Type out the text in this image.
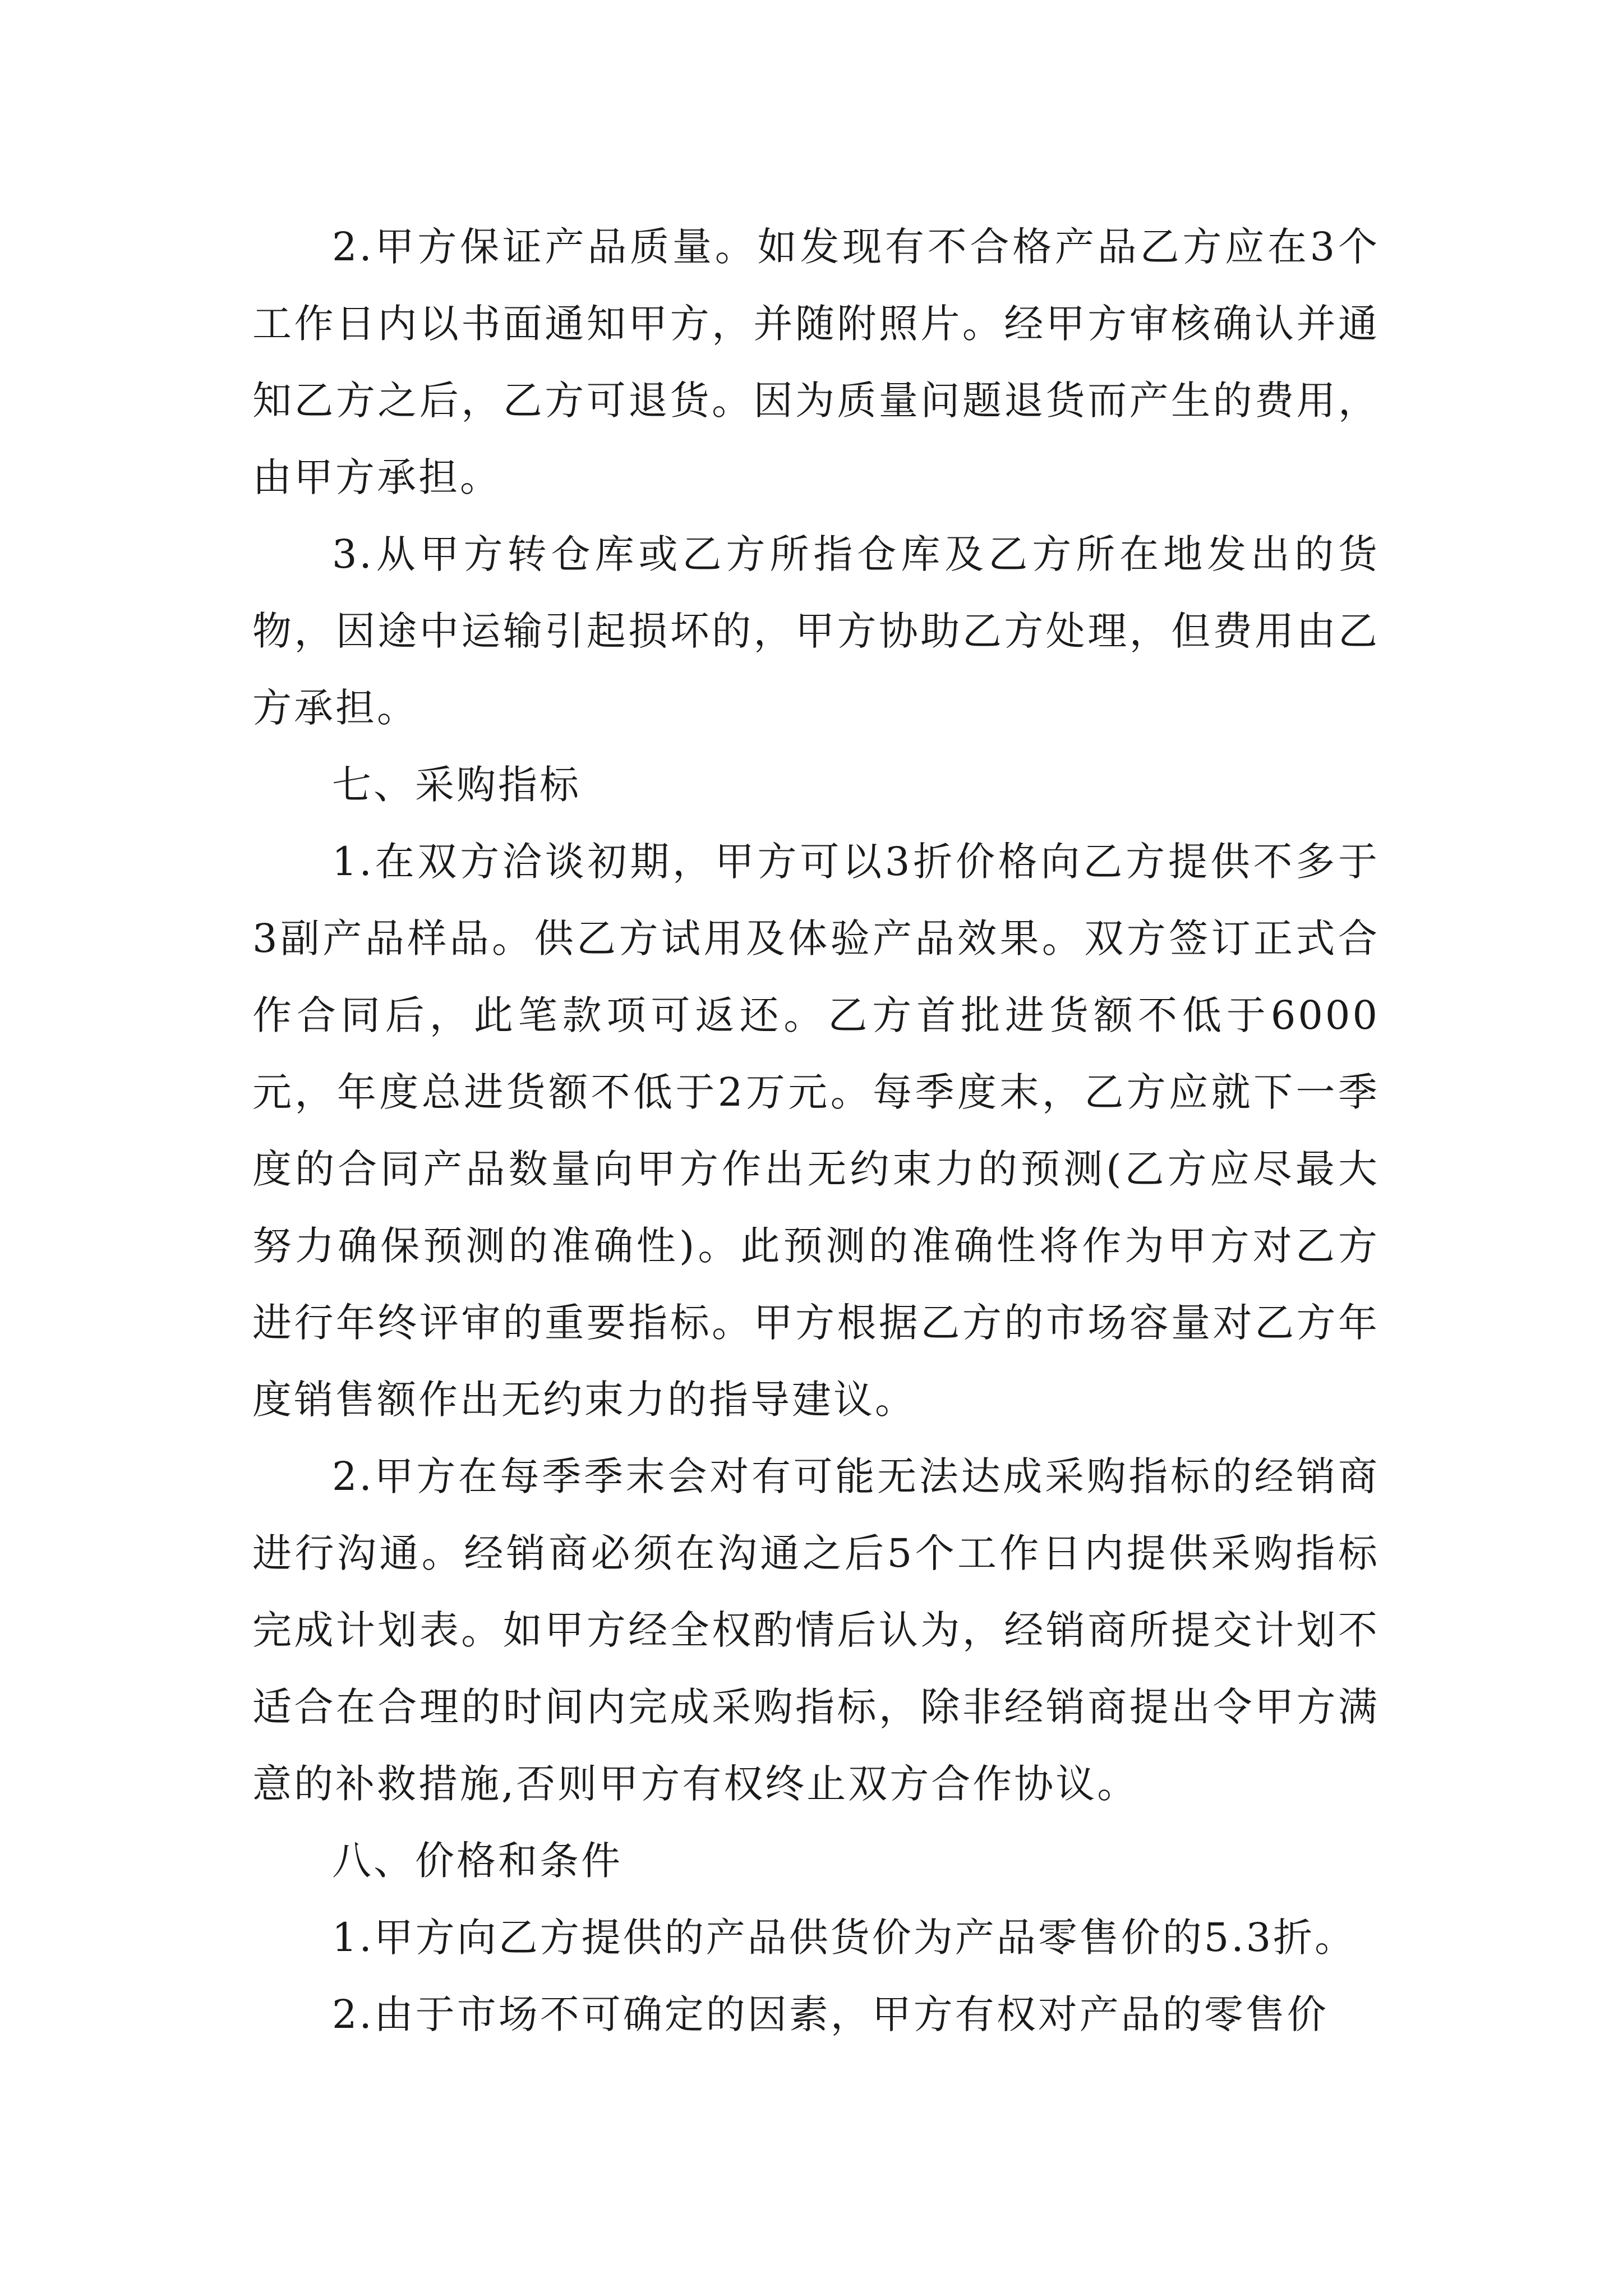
2.甲方保证产品质量。如发现有不合格产品乙方应在3个工作日内以书面通知甲方，并随附照片。经甲方审核确认并通知乙方之后，乙方可退货。因为质量问题退货而产生的费用，由甲方承担。

3.从甲方转仓库或乙方所指仓库及乙方所在地发出的货物，因途中运输引起损坏的，甲方协助乙方处理，但费用由乙方承担。

七、采购指标

1.在双方洽谈初期，甲方可以3折价格向乙方提供不多于3副产品样品。供乙方试用及体验产品效果。双方签订正式合作合同后，此笔款项可返还。乙方首批进货额不低于6000元，年度总进货额不低于2万元。每季度末，乙方应就下一季度的合同产品数量向甲方作出无约束力的预测(乙方应尽最大努力确保预测的准确性)。此预测的准确性将作为甲方对乙方进行年终评审的重要指标。甲方根据乙方的市场容量对乙方年度销售额作出无约束力的指导建议。

2.甲方在每季季末会对有可能无法达成采购指标的经销商进行沟通。经销商必须在沟通之后5个工作日内提供采购指标完成计划表。如甲方经全权酌情后认为，经销商所提交计划不适合在合理的时间内完成采购指标，除非经销商提出令甲方满意的补救措施,否则甲方有权终止双方合作协议。

八、价格和条件

1.甲方向乙方提供的产品供货价为产品零售价的5.3折。

2.由于市场不可确定的因素，甲方有权对产品的零售价
